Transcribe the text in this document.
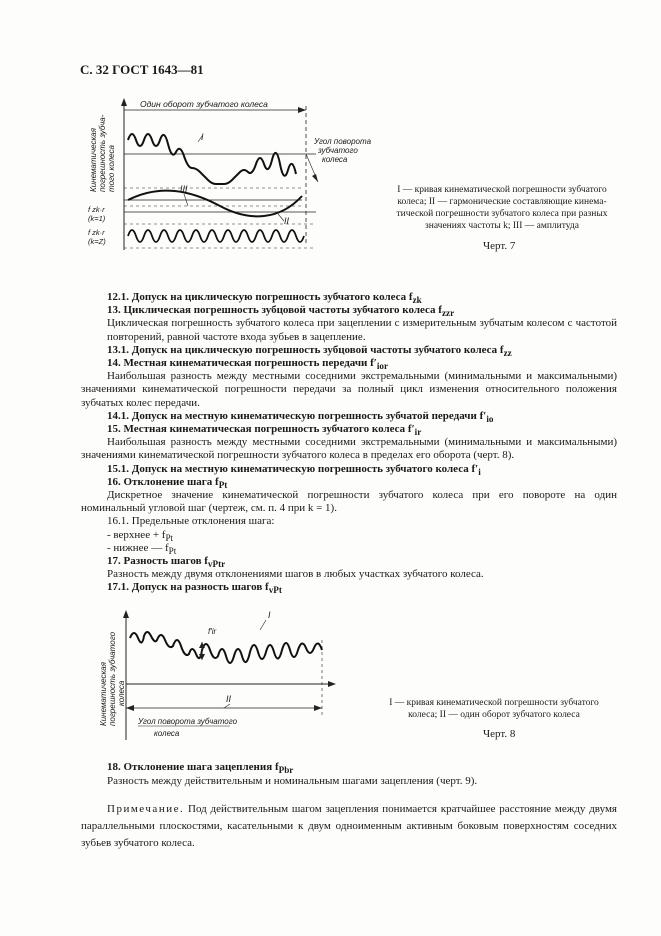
С. 32 ГОСТ 1643—81
Один оборот зубчатого колеса
I
III
II
Кинематическая погрешность зубча- того колеса
f zk·r
(k=1)
f zk·r
(k=Z)
Угол поворота
зубчатого
колеса
I — кривая кинематической погрешности зубчатого
колеса; II — гармонические составляющие кинема-
тической погрешности зубчатого колеса при разных
значениях частоты k; III — амплитуда
Черт. 7
12.1. Допуск на циклическую погрешность зубчатого колеса $f_{zk}$
13. Циклическая погрешность зубцовой частоты зубчатого колеса $f_{zzr}$
Циклическая погрешность зубчатого колеса при зацеплении с измерительным зубчатым колесом с частотой повторений, равной частоте входа зубьев в зацепление.
13.1. Допуск на циклическую погрешность зубцовой частоты зубчатого колеса $f_{zz}$
14. Местная кинематическая погрешность передачи $f'_{ior}$
Наибольшая разность между местными соседними экстремальными (минимальными и максимальными) значениями кинематической погрешности передачи за полный цикл изменения относительного положения зубчатых колес передачи.
14.1. Допуск на местную кинематическую погрешность зубчатой передачи $f'_{io}$
15. Местная кинематическая погрешность зубчатого колеса $f'_{ir}$
Наибольшая разность между местными соседними экстремальными (минимальными и максимальными) значениями кинематической погрешности зубчатого колеса в пределах его оборота (черт. 8).
15.1. Допуск на местную кинематическую погрешность зубчатого колеса $f'_i$
16. Отклонение шага $f_{Pt}$
Дискретное значение кинематической погрешности зубчатого колеса при его повороте на один номинальный угловой шаг (чертеж, см. п. 4 при k = 1).
16.1. Предельные отклонения шага:
- верхнее + $f_{Pt}$
- нижнее — $f_{Pt}$
17. Разность шагов $f_{vPtr}$
Разность между двумя отклонениями шагов в любых участках зубчатого колеса.
17.1. Допуск на разность шагов $f_{vPt}$
f′ir
I
II
Угол поворота зубчатого
колеса
Кинематическая погрешность зубчатого колеса	I — кривая кинематической погрешности зубчатого
колеса; II — один оборот зубчатого колеса
Черт. 8
18. Отклонение шага зацепления $f_{Pbr}$
Разность между действительным и номинальным шагами зацепления (черт. 9).
Примечание. Под действительным шагом зацепления понимается кратчайшее расстояние между двумя параллельными плоскостями, касательными к двум одноименным активным боковым поверхностям соседних зубьев зубчатого колеса.
